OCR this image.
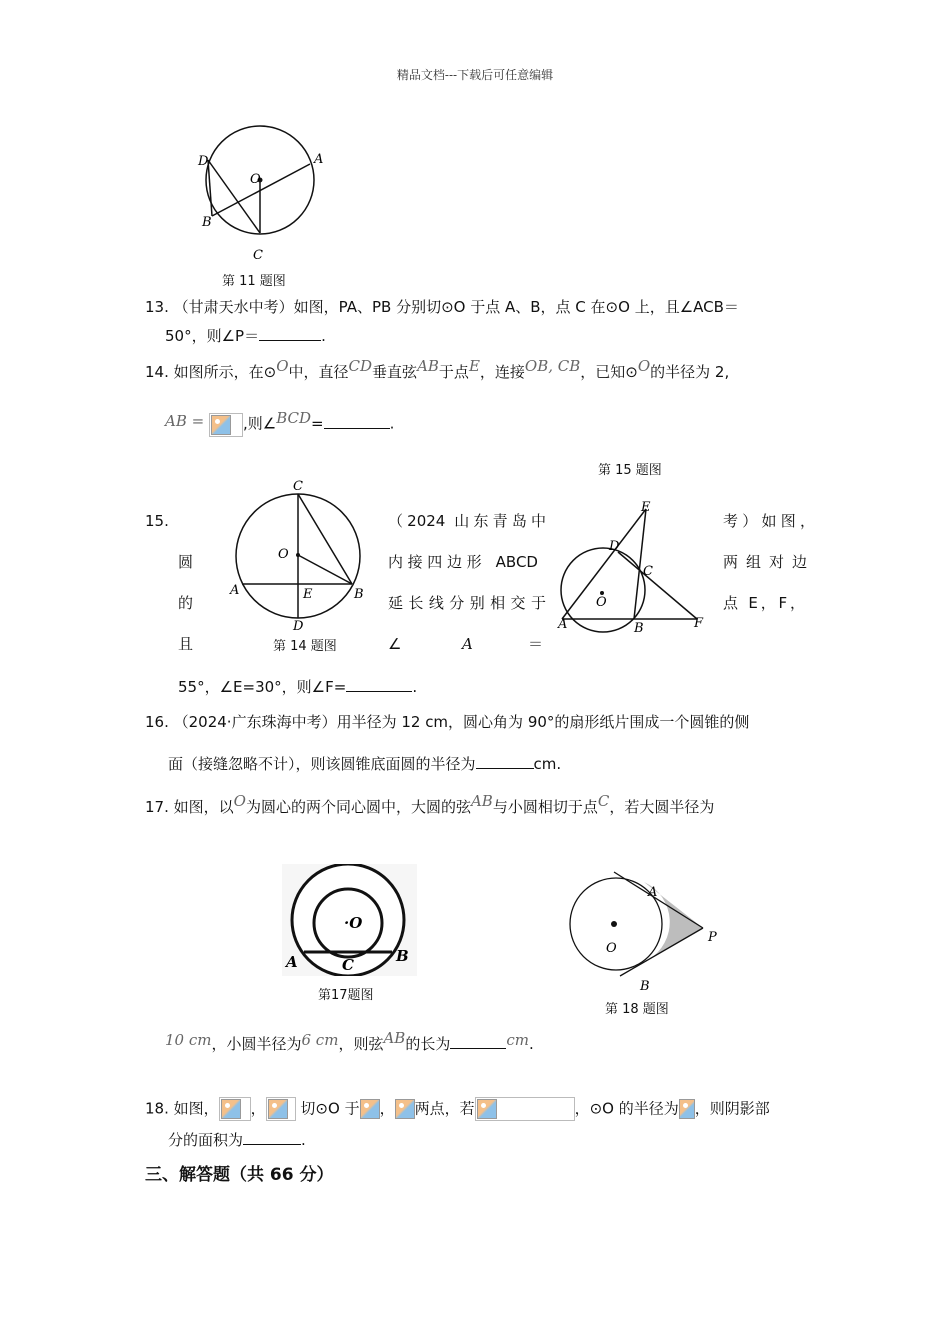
精品文档---下载后可任意编辑
D
O
A
B
C
第 11 题图
13. （甘肃天水中考）如图，PA、PB 分别切⊙O 于点 A、B，点 C 在⊙O 上，且∠ACB＝
50°，则∠P＝	.
14. 如图所示，在⊙O中，直径CD垂直弦AB于点E，连接OB, CB，已知⊙O的半径为 2,
AB =	,则∠BCD=	.
第 15 题图
C
O
A	E	B
D
第 14 题图
E
D
C
O
A	B	F
15.	（2024 山东青岛中	考）如图，
圆	内接四边形 ABCD	两组对边
的	延长线分别相交于	点 E，F，
且	∠	A	＝
55°，∠E=30°，则∠F=	.
16. （2024·广东珠海中考）用半径为 12 cm，圆心角为 90°的扇形纸片围成一个圆锥的侧
面（接缝忽略不计），则该圆锥底面圆的半径为	cm.
17. 如图，以O为圆心的两个同心圆中，大圆的弦AB与小圆相切于点C，若大圆半径为
·O
A	C	B
第17题图
A
O
P
B
第 18 题图
10 cm，小圆半径为6 cm，则弦AB的长为	cm.
18. 如图， ， 切⊙O 于 ， 两点，若	，⊙O 的半径为 ，则阴影部
分的面积为	.
三、解答题（共 66 分）
